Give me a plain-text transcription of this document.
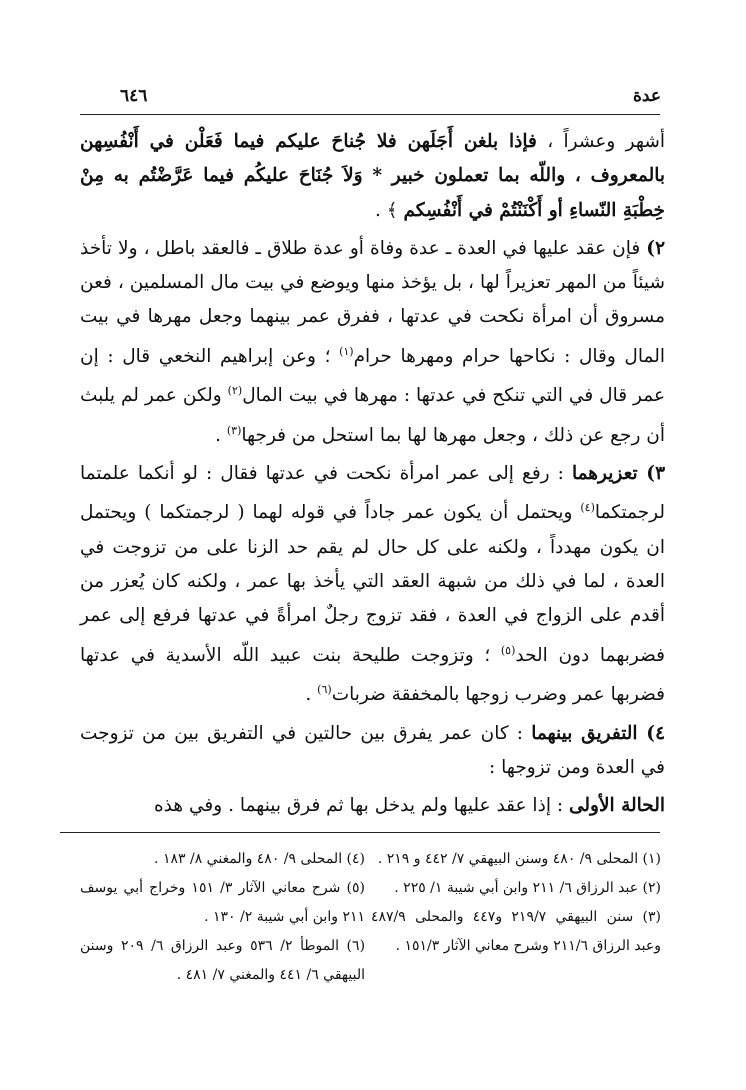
عدة
٦٤٦

أشهر وعشراً ، فإذا بلغن أَجَلَهن فلا جُناحَ عليكم فيما فَعَلْن في أَنْفُسِهن بالمعروف ، واللّه بما تعملون خبير * وَلاَ جُنَاحَ عليكُم فيما عَرَّضْتُم به مِنْ خِطْبَةِ النّساءِ أو أَكْنَنْتُمْ في أَنْفُسِكم ﴾ .

٢) فإن عقد عليها في العدة ـ عدة وفاة أو عدة طلاق ـ فالعقد باطل ، ولا تأخذ شيئاً من المهر تعزيراً لها ، بل يؤخذ منها ويوضع في بيت مال المسلمين ، فعن مسروق أن امرأة نكحت في عدتها ، ففرق عمر بينهما وجعل مهرها في بيت المال وقال : نكاحها حرام ومهرها حرام$^{(١)}$ ؛ وعن إبراهيم النخعي قال : إن عمر قال في التي تنكح في عدتها : مهرها في بيت المال$^{(٢)}$ ولكن عمر لم يلبث أن رجع عن ذلك ، وجعل مهرها لها بما استحل من فرجها$^{(٣)}$ .

٣) تعزيرهما : رفع إلى عمر امرأة نكحت في عدتها فقال : لو أنكما علمتما لرجمتكما$^{(٤)}$ ويحتمل أن يكون عمر جاداً في قوله لهما ( لرجمتكما ) ويحتمل ان يكون مهدداً ، ولكنه على كل حال لم يقم حد الزنا على من تزوجت في العدة ، لما في ذلك من شبهة العقد التي يأخذ بها عمر ، ولكنه كان يُعزر من أقدم على الزواج في العدة ، فقد تزوج رجلٌ امرأةً في عدتها فرفع إلى عمر فضربهما دون الحد$^{(٥)}$ ؛ وتزوجت طليحة بنت عبيد اللّه الأسدية في عدتها فضربها عمر وضرب زوجها بالمخفقة ضربات$^{(٦)}$ .

٤) التفريق بينهما : كان عمر يفرق بين حالتين في التفريق بين من تزوجت في العدة ومن تزوجها :

الحالة الأولى : إذا عقد عليها ولم يدخل بها ثم فرق بينهما . وفي هذه

(١) المحلى ٩/ ٤٨٠ وسنن البيهقي ٧/ ٤٤٢ و ٢١٩ .

(٢) عبد الرزاق ٦/ ٢١١ وابن أبي شيبة ١/ ٢٢٥ .

(٣) سنن البيهقي ٢١٩/٧ و٤٤٧ والمحلى ٤٨٧/٩ وعبد الرزاق ٢١١/٦ وشرح معاني الآثار ١٥١/٣ .

(٤) المحلى ٩/ ٤٨٠ والمغني ٨/ ١٨٣ .

(٥) شرح معاني الآثار ٣/ ١٥١ وخراج أبي يوسف ٢١١ وابن أبي شيبة ٢/ ١٣٠ .

(٦) الموطأ ٢/ ٥٣٦ وعبد الرزاق ٦/ ٢٠٩ وسنن البيهقي ٦/ ٤٤١ والمغني ٧/ ٤٨١ .
